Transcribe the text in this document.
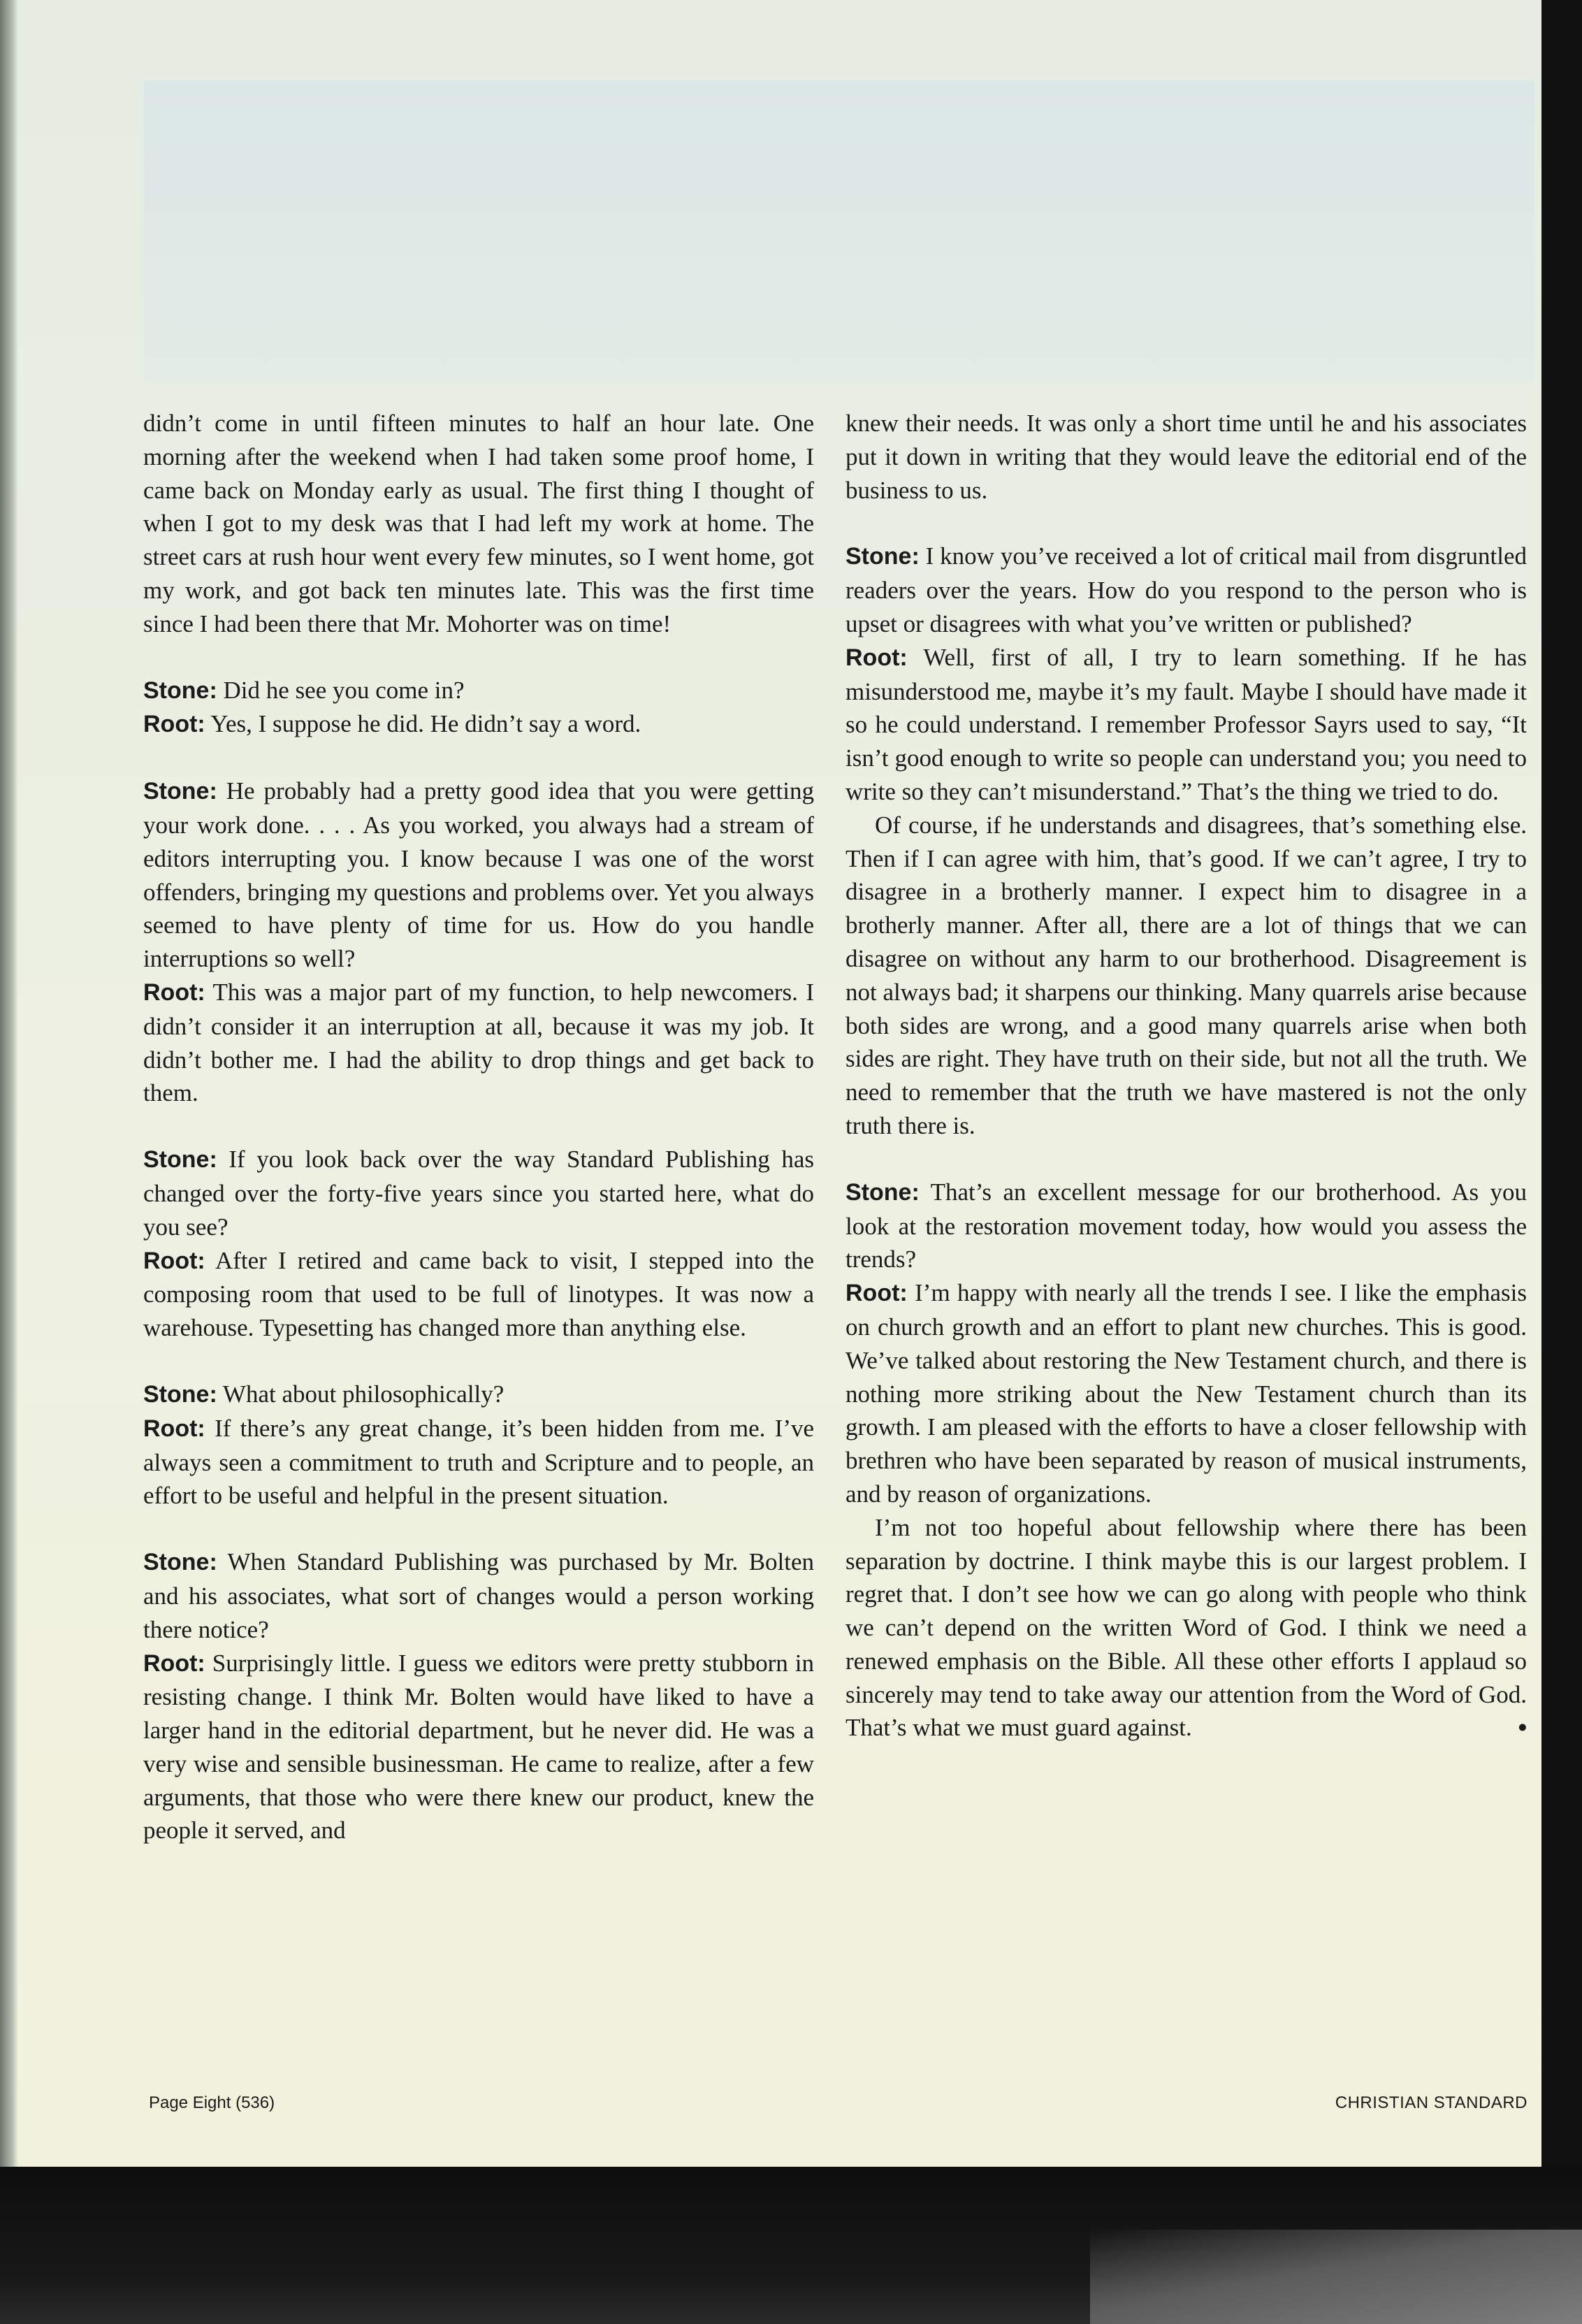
didn’t come in until fifteen minutes to half an hour late. One morning after the weekend when I had taken some proof home, I came back on Monday early as usual. The first thing I thought of when I got to my desk was that I had left my work at home. The street cars at rush hour went every few minutes, so I went home, got my work, and got back ten minutes late. This was the first time since I had been there that Mr. Mohorter was on time!

Stone: Did he see you come in?

Root: Yes, I suppose he did. He didn’t say a word.

Stone: He probably had a pretty good idea that you were getting your work done. . . . As you worked, you always had a stream of editors interrupting you. I know because I was one of the worst offenders, bringing my questions and problems over. Yet you always seemed to have plenty of time for us. How do you handle interruptions so well?

Root: This was a major part of my function, to help newcomers. I didn’t consider it an interruption at all, because it was my job. It didn’t bother me. I had the ability to drop things and get back to them.

Stone: If you look back over the way Standard Publishing has changed over the forty-five years since you started here, what do you see?

Root: After I retired and came back to visit, I stepped into the composing room that used to be full of linotypes. It was now a warehouse. Typesetting has changed more than anything else.

Stone: What about philosophically?

Root: If there’s any great change, it’s been hidden from me. I’ve always seen a commitment to truth and Scripture and to people, an effort to be useful and helpful in the present situation.

Stone: When Standard Publishing was purchased by Mr. Bolten and his associates, what sort of changes would a person working there notice?

Root: Surprisingly little. I guess we editors were pretty stubborn in resisting change. I think Mr. Bolten would have liked to have a larger hand in the editorial department, but he never did. He was a very wise and sensible businessman. He came to realize, after a few arguments, that those who were there knew our product, knew the people it served, and

knew their needs. It was only a short time until he and his associates put it down in writing that they would leave the editorial end of the business to us.

Stone: I know you’ve received a lot of critical mail from disgruntled readers over the years. How do you respond to the person who is upset or disagrees with what you’ve written or published?

Root: Well, first of all, I try to learn something. If he has misunderstood me, maybe it’s my fault. Maybe I should have made it so he could understand. I remember Professor Sayrs used to say, “It isn’t good enough to write so people can understand you; you need to write so they can’t misunderstand.” That’s the thing we tried to do.

Of course, if he understands and disagrees, that’s something else. Then if I can agree with him, that’s good. If we can’t agree, I try to disagree in a brotherly manner. I expect him to disagree in a brotherly manner. After all, there are a lot of things that we can disagree on without any harm to our brotherhood. Disagreement is not always bad; it sharpens our thinking. Many quarrels arise because both sides are wrong, and a good many quarrels arise when both sides are right. They have truth on their side, but not all the truth. We need to remember that the truth we have mastered is not the only truth there is.

Stone: That’s an excellent message for our brotherhood. As you look at the restoration movement today, how would you assess the trends?

Root: I’m happy with nearly all the trends I see. I like the emphasis on church growth and an effort to plant new churches. This is good. We’ve talked about restoring the New Testament church, and there is nothing more striking about the New Testament church than its growth. I am pleased with the efforts to have a closer fellowship with brethren who have been separated by reason of musical instruments, and by reason of organizations.

I’m not too hopeful about fellowship where there has been separation by doctrine. I think maybe this is our largest problem. I regret that. I don’t see how we can go along with people who think we can’t depend on the written Word of God. I think we need a renewed emphasis on the Bible. All these other efforts I applaud so sincerely may tend to take away our attention from the Word of God. That’s what we must guard against.	•

Page Eight (536)	CHRISTIAN STANDARD
